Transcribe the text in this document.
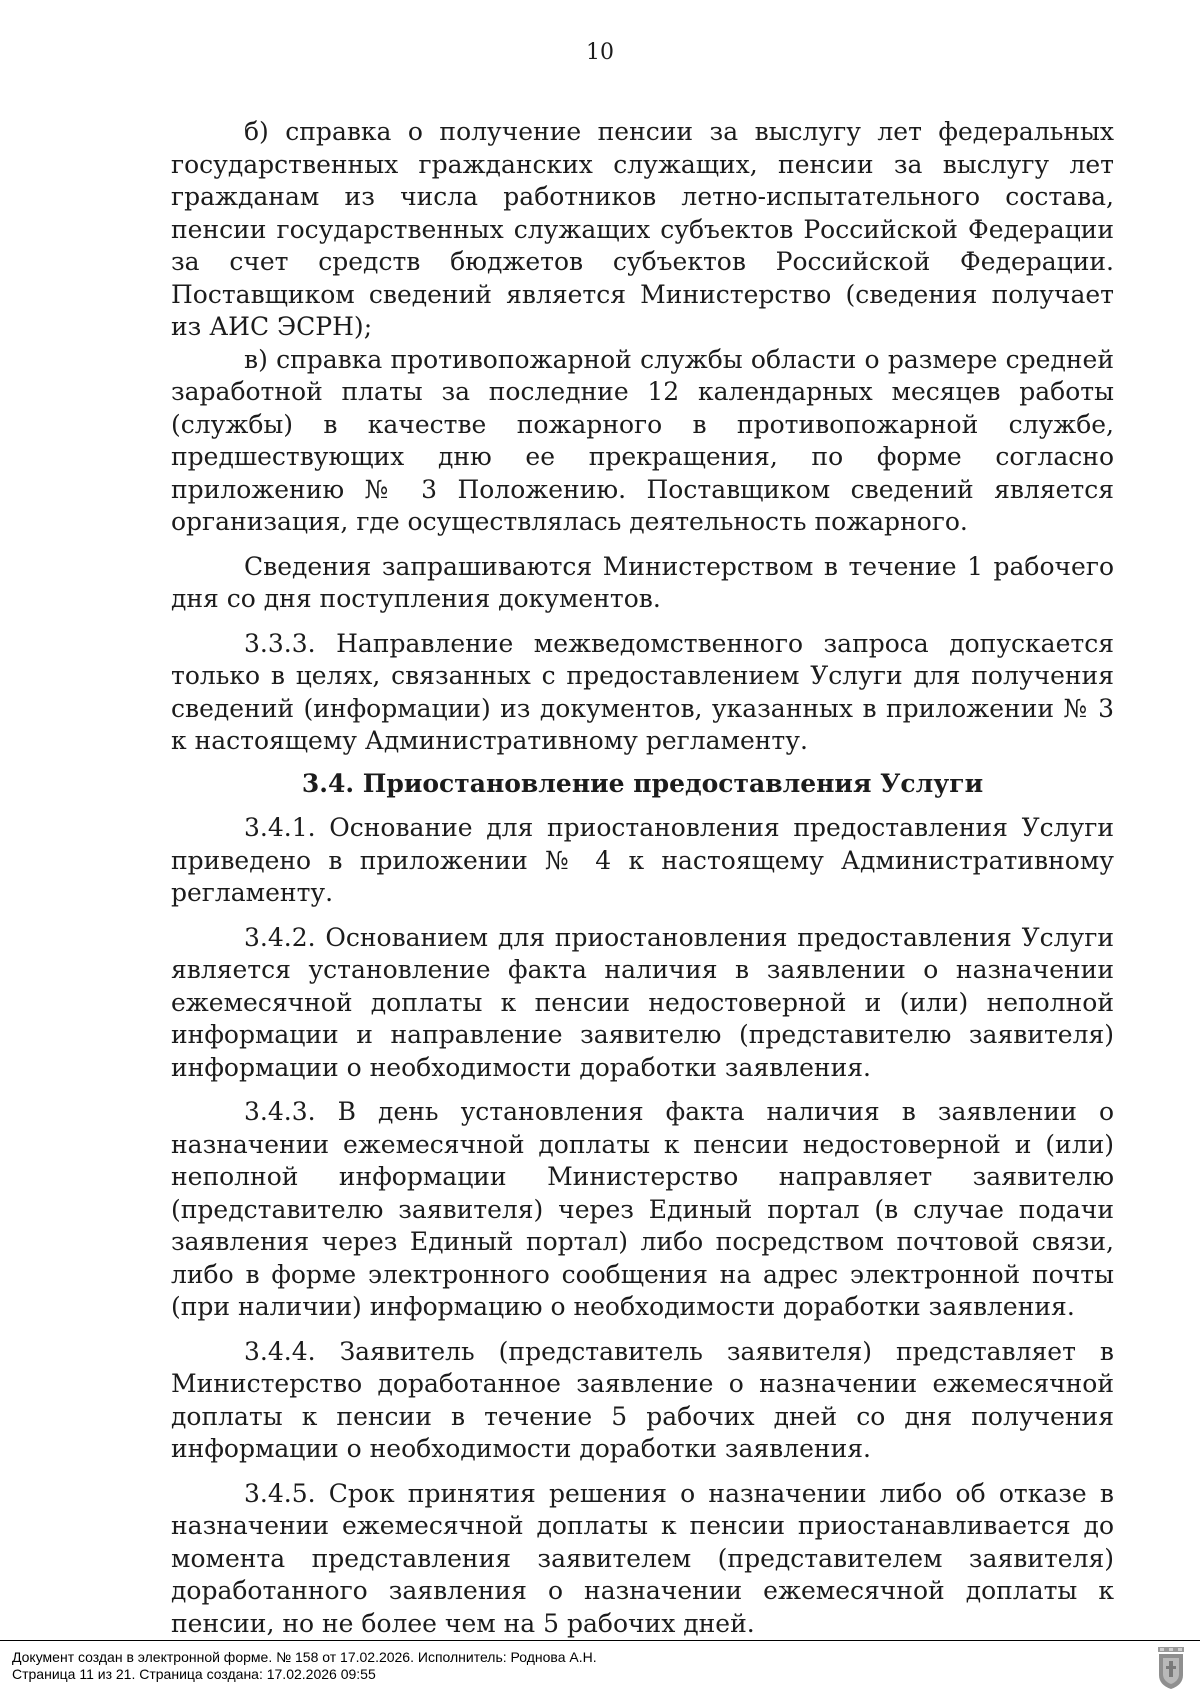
10

б) справка о получение пенсии за выслугу лет федеральных государственных гражданских служащих, пенсии за выслугу лет гражданам из числа работников летно-испытательного состава, пенсии государственных служащих субъектов Российской Федерации за счет средств бюджетов субъектов Российской Федерации. Поставщиком сведений является Министерство (сведения получает из АИС ЭСРН);

в) справка противопожарной службы области о размере средней заработной платы за последние 12 календарных месяцев работы (службы) в качестве пожарного в противопожарной службе, предшествующих дню ее прекращения, по форме согласно приложению № 3 Положению. Поставщиком сведений является организация, где осуществлялась деятельность пожарного.

Сведения запрашиваются Министерством в течение 1 рабочего дня со дня поступления документов.

3.3.3. Направление межведомственного запроса допускается только в целях, связанных с предоставлением Услуги для получения сведений (информации) из документов, указанных в приложении № 3 к настоящему Административному регламенту.

3.4. Приостановление предоставления Услуги

3.4.1. Основание для приостановления предоставления Услуги приведено в приложении № 4 к настоящему Административному регламенту.

3.4.2. Основанием для приостановления предоставления Услуги является установление факта наличия в заявлении о назначении ежемесячной доплаты к пенсии недостоверной и (или) неполной информации и направление заявителю (представителю заявителя) информации о необходимости доработки заявления.

3.4.3. В день установления факта наличия в заявлении о назначении ежемесячной доплаты к пенсии недостоверной и (или) неполной информации Министерство направляет заявителю (представителю заявителя) через Единый портал (в случае подачи заявления через Единый портал) либо посредством почтовой связи, либо в форме электронного сообщения на адрес электронной почты (при наличии) информацию о необходимости доработки заявления.

3.4.4. Заявитель (представитель заявителя) представляет в Министерство доработанное заявление о назначении ежемесячной доплаты к пенсии в течение 5 рабочих дней со дня получения информации о необходимости доработки заявления.

3.4.5. Срок принятия решения о назначении либо об отказе в назначении ежемесячной доплаты к пенсии приостанавливается до момента представления заявителем (представителем заявителя) доработанного заявления о назначении ежемесячной доплаты к пенсии, но не более чем на 5 рабочих дней.

Документ создан в электронной форме. № 158 от 17.02.2026. Исполнитель: Роднова А.Н.
Страница 11 из 21. Страница создана: 17.02.2026 09:55
